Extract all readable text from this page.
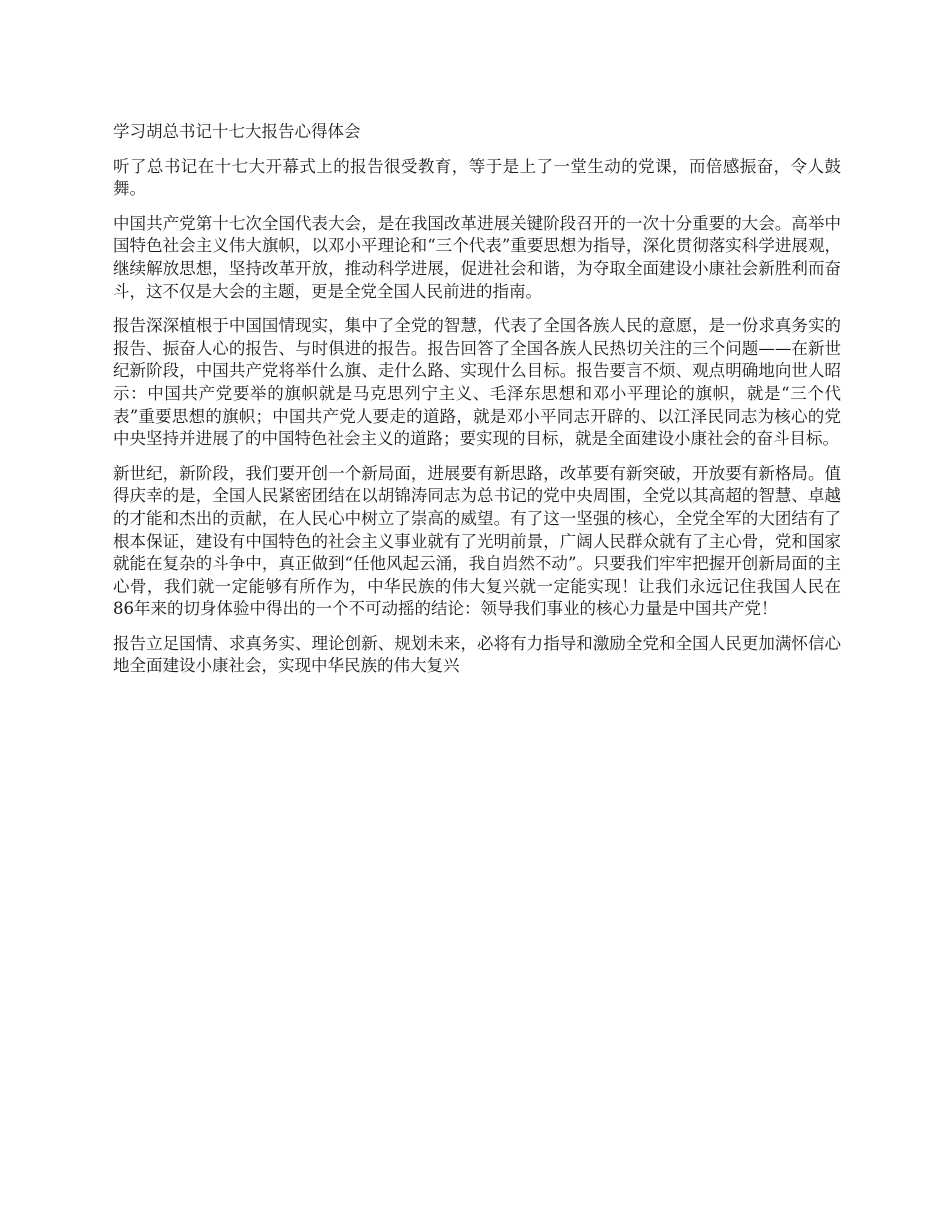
学习胡总书记十七大报告心得体会

听了总书记在十七大开幕式上的报告很受教育，等于是上了一堂生动的党课，而倍感振奋，令人鼓舞。

中国共产党第十七次全国代表大会，是在我国改革进展关键阶段召开的一次十分重要的大会。高举中国特色社会主义伟大旗帜，以邓小平理论和“三个代表”重要思想为指导，深化贯彻落实科学进展观，继续解放思想，坚持改革开放，推动科学进展，促进社会和谐，为夺取全面建设小康社会新胜利而奋斗，这不仅是大会的主题，更是全党全国人民前进的指南。

报告深深植根于中国国情现实，集中了全党的智慧，代表了全国各族人民的意愿，是一份求真务实的报告、振奋人心的报告、与时俱进的报告。报告回答了全国各族人民热切关注的三个问题——在新世纪新阶段，中国共产党将举什么旗、走什么路、实现什么目标。报告要言不烦、观点明确地向世人昭示：中国共产党要举的旗帜就是马克思列宁主义、毛泽东思想和邓小平理论的旗帜，就是“三个代表”重要思想的旗帜；中国共产党人要走的道路，就是邓小平同志开辟的、以江泽民同志为核心的党中央坚持并进展了的中国特色社会主义的道路；要实现的目标，就是全面建设小康社会的奋斗目标。

新世纪，新阶段，我们要开创一个新局面，进展要有新思路，改革要有新突破，开放要有新格局。值得庆幸的是，全国人民紧密团结在以胡锦涛同志为总书记的党中央周围，全党以其高超的智慧、卓越的才能和杰出的贡献，在人民心中树立了崇高的威望。有了这一坚强的核心，全党全军的大团结有了根本保证，建设有中国特色的社会主义事业就有了光明前景，广阔人民群众就有了主心骨，党和国家就能在复杂的斗争中，真正做到“任他风起云涌，我自岿然不动”。只要我们牢牢把握开创新局面的主心骨，我们就一定能够有所作为，中华民族的伟大复兴就一定能实现！让我们永远记住我国人民在86年来的切身体验中得出的一个不可动摇的结论：领导我们事业的核心力量是中国共产党！

报告立足国情、求真务实、理论创新、规划未来，必将有力指导和激励全党和全国人民更加满怀信心地全面建设小康社会，实现中华民族的伟大复兴
